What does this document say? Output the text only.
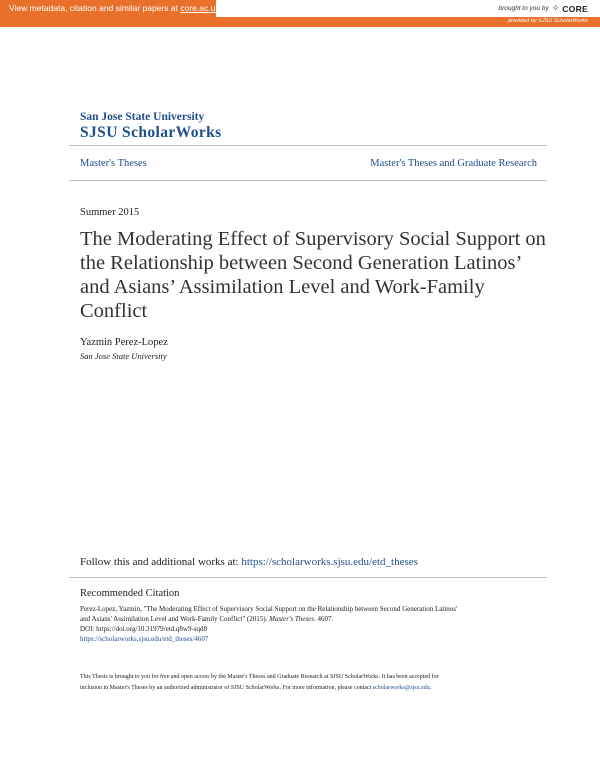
View metadata, citation and similar papers at core.ac.uk	brought to you by ✧ CORE
provided by SJSU ScholarWorks
San Jose State University
SJSU ScholarWorks
Master's Theses	Master's Theses and Graduate Research
Summer 2015
The Moderating Effect of Supervisory Social Support on the Relationship between Second Generation Latinos’ and Asians’ Assimilation Level and Work-Family Conflict
Yazmin Perez-Lopez
San Jose State University
Follow this and additional works at: https://scholarworks.sjsu.edu/etd_theses
Recommended Citation
Perez-Lopez, Yazmin, "The Moderating Effect of Supervisory Social Support on the Relationship between Second Generation Latinos'
and Asians' Assimilation Level and Work-Family Conflict" (2015). Master's Theses. 4607.
DOI: https://doi.org/10.31979/etd.q8w9-sqd8
https://scholarworks.sjsu.edu/etd_theses/4607
This Thesis is brought to you for free and open access by the Master's Theses and Graduate Research at SJSU ScholarWorks. It has been accepted for
inclusion in Master's Theses by an authorized administrator of SJSU ScholarWorks. For more information, please contact scholarworks@sjsu.edu.
